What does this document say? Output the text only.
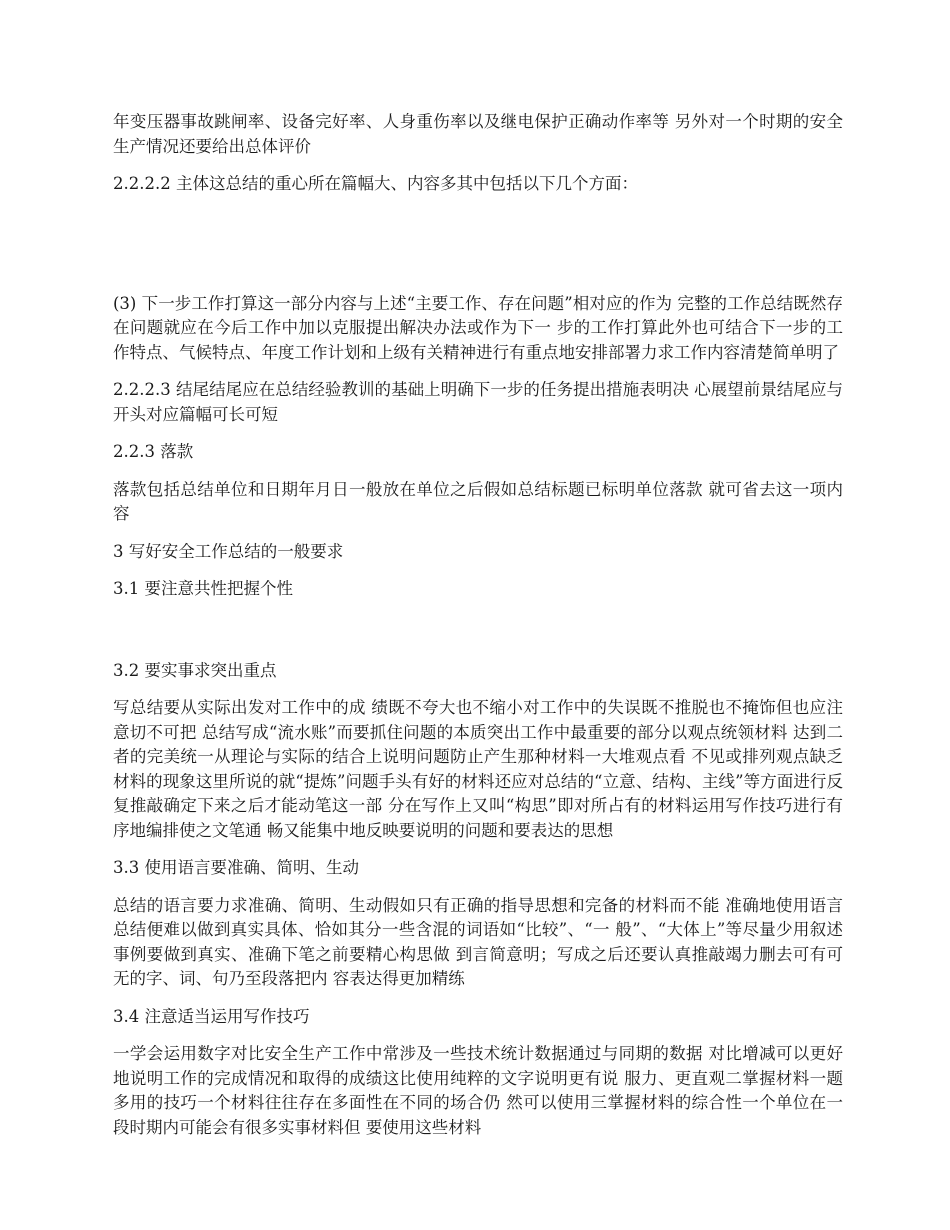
年变压器事故跳闸率、设备完好率、人身重伤率以及继电保护正确动作率等 另外对一个时期的安全生产情况还要给出总体评价

2.2.2.2 主体这总结的重心所在篇幅大、内容多其中包括以下几个方面：

(3) 下一步工作打算这一部分内容与上述“主要工作、存在问题”相对应的作为 完整的工作总结既然存在问题就应在今后工作中加以克服提出解决办法或作为下一 步的工作打算此外也可结合下一步的工作特点、气候特点、年度工作计划和上级有关精神进行有重点地安排部署力求工作内容清楚简单明了

2.2.2.3 结尾结尾应在总结经验教训的基础上明确下一步的任务提出措施表明决 心展望前景结尾应与开头对应篇幅可长可短

2.2.3 落款

落款包括总结单位和日期年月日一般放在单位之后假如总结标题已标明单位落款 就可省去这一项内容

3 写好安全工作总结的一般要求

3.1 要注意共性把握个性

3.2 要实事求突出重点

写总结要从实际出发对工作中的成 绩既不夸大也不缩小对工作中的失误既不推脱也不掩饰但也应注意切不可把 总结写成“流水账”而要抓住问题的本质突出工作中最重要的部分以观点统领材料 达到二者的完美统一从理论与实际的结合上说明问题防止产生那种材料一大堆观点看 不见或排列观点缺乏材料的现象这里所说的就“提炼”问题手头有好的材料还应对总结的“立意、结构、主线”等方面进行反复推敲确定下来之后才能动笔这一部 分在写作上又叫“构思”即对所占有的材料运用写作技巧进行有序地编排使之文笔通 畅又能集中地反映要说明的问题和要表达的思想

3.3 使用语言要准确、简明、生动

总结的语言要力求准确、简明、生动假如只有正确的指导思想和完备的材料而不能 准确地使用语言总结便难以做到真实具体、恰如其分一些含混的词语如“比较”、“一 般”、“大体上”等尽量少用叙述事例要做到真实、准确下笔之前要精心构思做 到言简意明；写成之后还要认真推敲竭力删去可有可无的字、词、句乃至段落把内 容表达得更加精练

3.4 注意适当运用写作技巧

一学会运用数字对比安全生产工作中常涉及一些技术统计数据通过与同期的数据 对比增减可以更好地说明工作的完成情况和取得的成绩这比使用纯粹的文字说明更有说 服力、更直观二掌握材料一题多用的技巧一个材料往往存在多面性在不同的场合仍 然可以使用三掌握材料的综合性一个单位在一段时期内可能会有很多实事材料但 要使用这些材料
